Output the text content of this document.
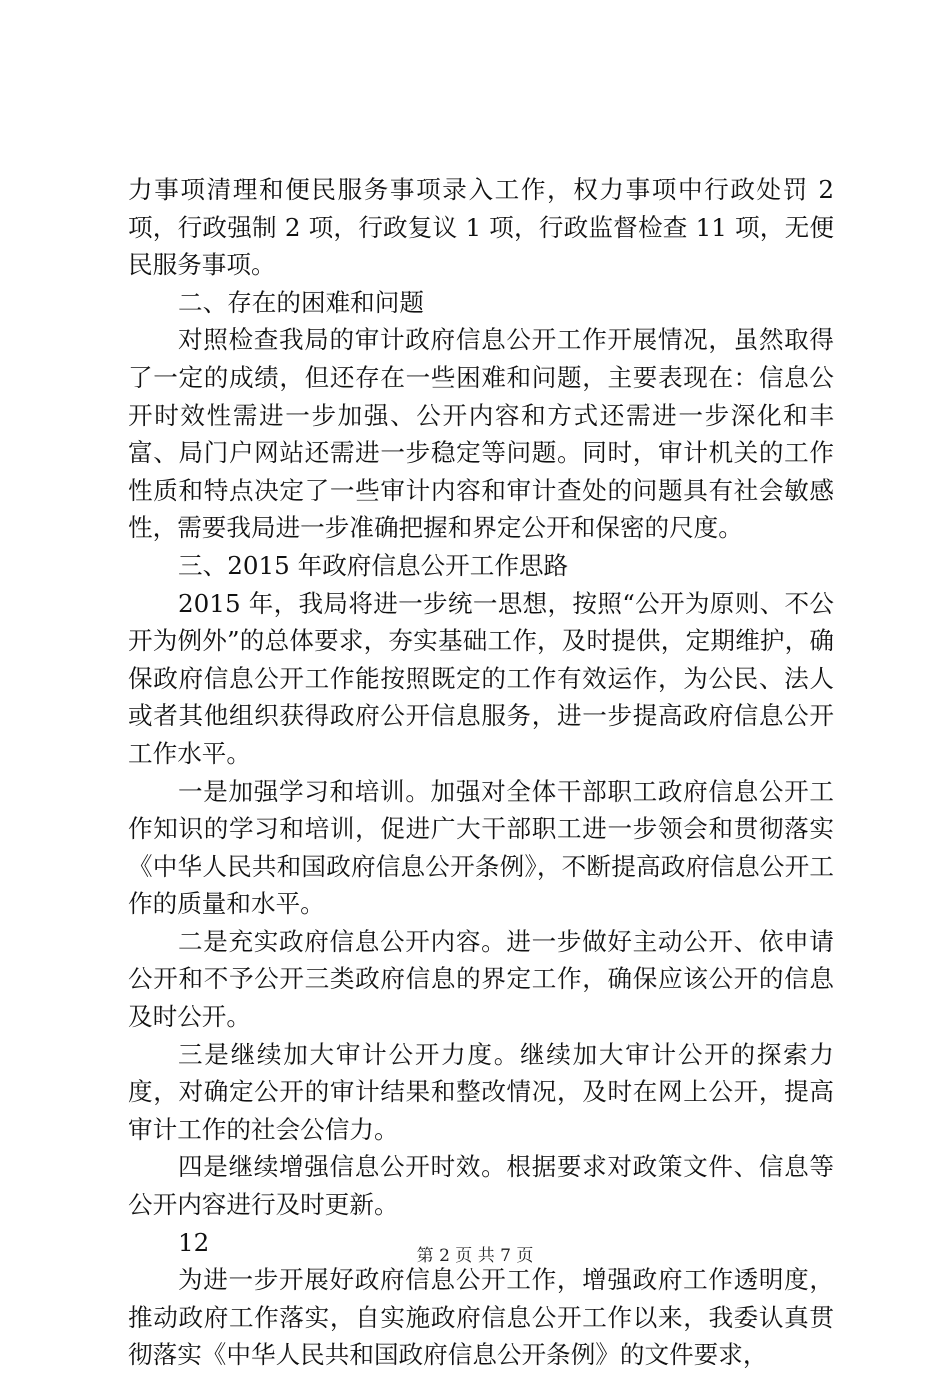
力事项清理和便民服务事项录入工作，权力事项中行政处罚 2 项，行政强制 2 项，行政复议 1 项，行政监督检查 11 项，无便民服务事项。

二、存在的困难和问题

对照检查我局的审计政府信息公开工作开展情况，虽然取得了一定的成绩，但还存在一些困难和问题，主要表现在：信息公开时效性需进一步加强、公开内容和方式还需进一步深化和丰富、局门户网站还需进一步稳定等问题。同时，审计机关的工作性质和特点决定了一些审计内容和审计查处的问题具有社会敏感性，需要我局进一步准确把握和界定公开和保密的尺度。

三、2015 年政府信息公开工作思路

2015 年，我局将进一步统一思想，按照“公开为原则、不公开为例外”的总体要求，夯实基础工作，及时提供，定期维护，确保政府信息公开工作能按照既定的工作有效运作，为公民、法人或者其他组织获得政府公开信息服务，进一步提高政府信息公开工作水平。

一是加强学习和培训。加强对全体干部职工政府信息公开工作知识的学习和培训，促进广大干部职工进一步领会和贯彻落实《中华人民共和国政府信息公开条例》，不断提高政府信息公开工作的质量和水平。

二是充实政府信息公开内容。进一步做好主动公开、依申请公开和不予公开三类政府信息的界定工作，确保应该公开的信息及时公开。

三是继续加大审计公开力度。继续加大审计公开的探索力度，对确定公开的审计结果和整改情况，及时在网上公开，提高审计工作的社会公信力。

四是继续增强信息公开时效。根据要求对政策文件、信息等公开内容进行及时更新。

12

为进一步开展好政府信息公开工作，增强政府工作透明度，推动政府工作落实，自实施政府信息公开工作以来，我委认真贯彻落实《中华人民共和国政府信息公开条例》的文件要求，

第 2 页 共 7 页
